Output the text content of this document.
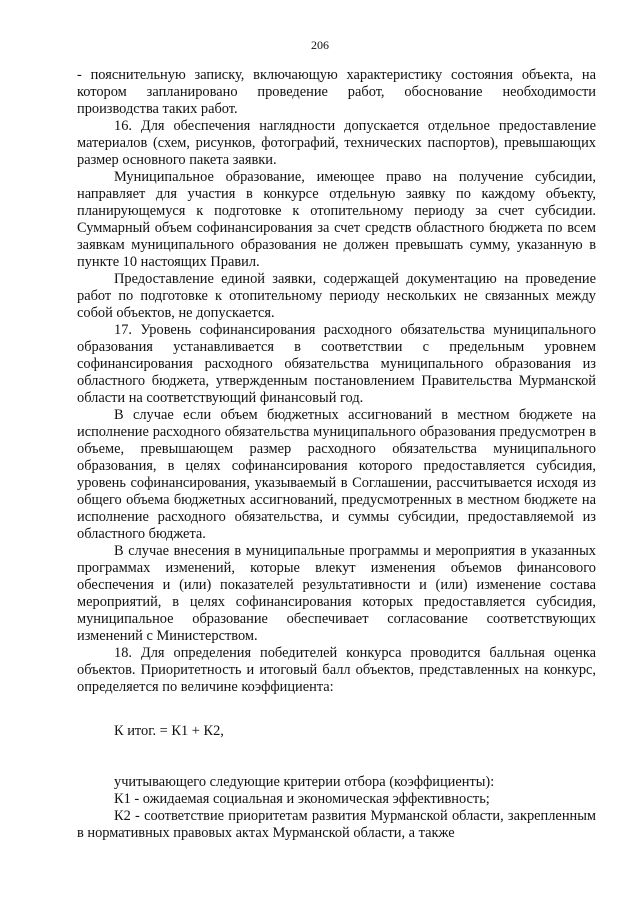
206

- пояснительную записку, включающую характеристику состояния объекта, на котором запланировано проведение работ, обоснование необходимости производства таких работ.

16. Для обеспечения наглядности допускается отдельное предоставление материалов (схем, рисунков, фотографий, технических паспортов), превышающих размер основного пакета заявки.

Муниципальное образование, имеющее право на получение субсидии, направляет для участия в конкурсе отдельную заявку по каждому объекту, планирующемуся к подготовке к отопительному периоду за счет субсидии. Суммарный объем софинансирования за счет средств областного бюджета по всем заявкам муниципального образования не должен превышать сумму, указанную в пункте 10 настоящих Правил.

Предоставление единой заявки, содержащей документацию на проведение работ по подготовке к отопительному периоду нескольких не связанных между собой объектов, не допускается.

17. Уровень софинансирования расходного обязательства муниципального образования устанавливается в соответствии с предельным уровнем софинансирования расходного обязательства муниципального образования из областного бюджета, утвержденным постановлением Правительства Мурманской области на соответствующий финансовый год.

В случае если объем бюджетных ассигнований в местном бюджете на исполнение расходного обязательства муниципального образования предусмотрен в объеме, превышающем размер расходного обязательства муниципального образования, в целях софинансирования которого предоставляется субсидия, уровень софинансирования, указываемый в Соглашении, рассчитывается исходя из общего объема бюджетных ассигнований, предусмотренных в местном бюджете на исполнение расходного обязательства, и суммы субсидии, предоставляемой из областного бюджета.

В случае внесения в муниципальные программы и мероприятия в указанных программах изменений, которые влекут изменения объемов финансового обеспечения и (или) показателей результативности и (или) изменение состава мероприятий, в целях софинансирования которых предоставляется субсидия, муниципальное образование обеспечивает согласование соответствующих изменений с Министерством.

18. Для определения победителей конкурса проводится балльная оценка объектов. Приоритетность и итоговый балл объектов, представленных на конкурс, определяется по величине коэффициента:

К итог. = К1 + К2,

учитывающего следующие критерии отбора (коэффициенты):

К1 - ожидаемая социальная и экономическая эффективность;

К2 - соответствие приоритетам развития Мурманской области, закрепленным в нормативных правовых актах Мурманской области, а также
